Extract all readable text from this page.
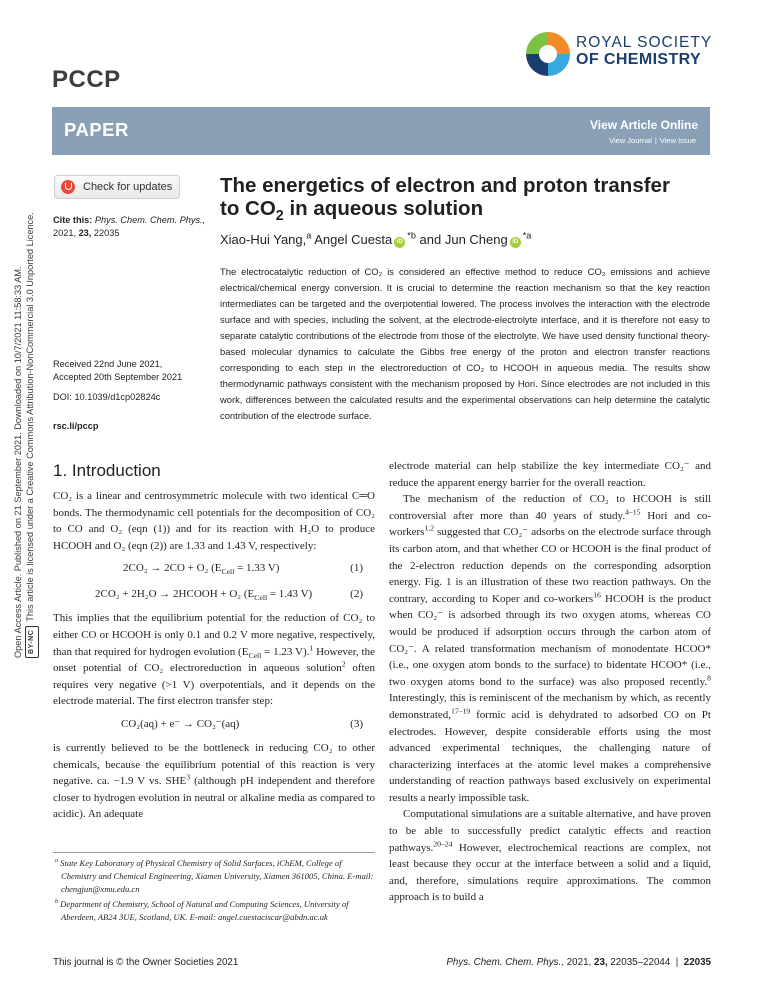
Open Access Article. Published on 21 September 2021. Downloaded on 10/7/2021 11:58:33 AM. BY-NCThis article is licensed under a Creative Commons Attribution-NonCommercial 3.0 Unported Licence.
PCCP
ROYAL SOCIETY
OF CHEMISTRY
PAPER	View Article Online
View Journal | View Issue
Check for updates
Cite this: Phys. Chem. Chem. Phys.,
2021, 23, 22035
Received 22nd June 2021,
Accepted 20th September 2021
DOI: 10.1039/d1cp02824c
rsc.li/pccp
The energetics of electron and proton transfer
to $CO_2$ in aqueous solution
Xiao-Hui Yang,$^a$ Angel Cuesta $iD^{*b}$ and Jun Cheng $iD^{*a}$
The electrocatalytic reduction of CO₂ is considered an effective method to reduce CO₂ emissions and achieve electrical/chemical energy conversion. It is crucial to determine the reaction mechanism so that the key reaction intermediates can be targeted and the overpotential lowered. The process involves the interaction with the electrode surface and with species, including the solvent, at the electrode-electrolyte interface, and it is therefore not easy to separate catalytic contributions of the electrode from those of the electrolyte. We have used density functional theory-based molecular dynamics to calculate the Gibbs free energy of the proton and electron transfer reactions corresponding to each step in the electroreduction of CO₂ to HCOOH in aqueous media. The results show thermodynamic pathways consistent with the mechanism proposed by Hori. Since electrodes are not included in this work, differences between the calculated results and the experimental observations can help determine the catalytic contribution of the electrode surface.
1. Introduction

CO₂ is a linear and centrosymmetric molecule with two identical C═O bonds. The thermodynamic cell potentials for the decomposition of CO₂ to CO and O₂ (eqn (1)) and for its reaction with H₂O to produce HCOOH and O₂ (eqn (2)) are 1.33 and 1.43 V, respectively:

2CO₂ → 2CO + O₂ ($E_{Cell} = 1.33$ V)	(1)
2CO₂ + 2H₂O → 2HCOOH + O₂ ($E_{Cell} = 1.43$ V)	(2)

This implies that the equilibrium potential for the reduction of CO₂ to either CO or HCOOH is only 0.1 and 0.2 V more negative, respectively, than that required for hydrogen evolution ($E_{Cell} = 1.23$ V).$^1$ However, the onset potential of CO₂ electroreduction in aqueous solution$^2$ often requires very negative (>1 V) overpotentials, and it depends on the electrode material. The first electron transfer step:

CO₂(aq) + e⁻ → CO₂⁻(aq)	(3)

is currently believed to be the bottleneck in reducing CO₂ to other chemicals, because the equilibrium potential of this reaction is very negative. ca. −1.9 V vs. SHE$^3$ (although pH independent and therefore closer to hydrogen evolution in neutral or alkaline media as compared to acidic). An adequate

electrode material can help stabilize the key intermediate CO₂⁻ and reduce the apparent energy barrier for the overall reaction.

The mechanism of the reduction of CO₂ to HCOOH is still controversial after more than 40 years of study.$^{4-15}$ Hori and co-workers$^{1,2}$ suggested that CO₂⁻ adsorbs on the electrode surface through its carbon atom, and that whether CO or HCOOH is the final product of the 2-electron reduction depends on the corresponding adsorption energy. Fig. 1 is an illustration of these two reaction pathways. On the contrary, according to Koper and co-workers$^{16}$ HCOOH is the product when CO₂⁻ is adsorbed through its two oxygen atoms, whereas CO would be produced if adsorption occurs through the carbon atom of CO₂⁻. A related transformation mechanism of monodentate HCOO* (i.e., one oxygen atom bonds to the surface) to bidentate HCOO* (i.e., two oxygen atoms bond to the surface) was also proposed recently.$^8$ Interestingly, this is reminiscent of the mechanism by which, as recently demonstrated,$^{17-19}$ formic acid is dehydrated to adsorbed CO on Pt electrodes. However, despite considerable efforts using the most advanced experimental techniques, the challenging nature of characterizing interfaces at the atomic level makes a comprehensive understanding of reaction pathways based exclusively on experimental results a nearly impossible task.

Computational simulations are a suitable alternative, and have proven to be able to successfully predict catalytic effects and reaction pathways.$^{20-24}$ However, electrochemical reactions are complex, not least because they occur at the interface between a solid and a liquid, and, therefore, simulations require approximations. The common approach is to build a

$^a$ State Key Laboratory of Physical Chemistry of Solid Surfaces, iChEM, College of Chemistry and Chemical Engineering, Xiamen University, Xiamen 361005, China. E-mail: chengjun@xmu.edu.cn

$^b$ Department of Chemistry, School of Natural and Computing Sciences, University of Aberdeen, AB24 3UE, Scotland, UK. E-mail: angel.cuestaciscar@abdn.ac.uk

This journal is © the Owner Societies 2021	Phys. Chem. Chem. Phys., 2021, 23, 22035–22044 | 22035
